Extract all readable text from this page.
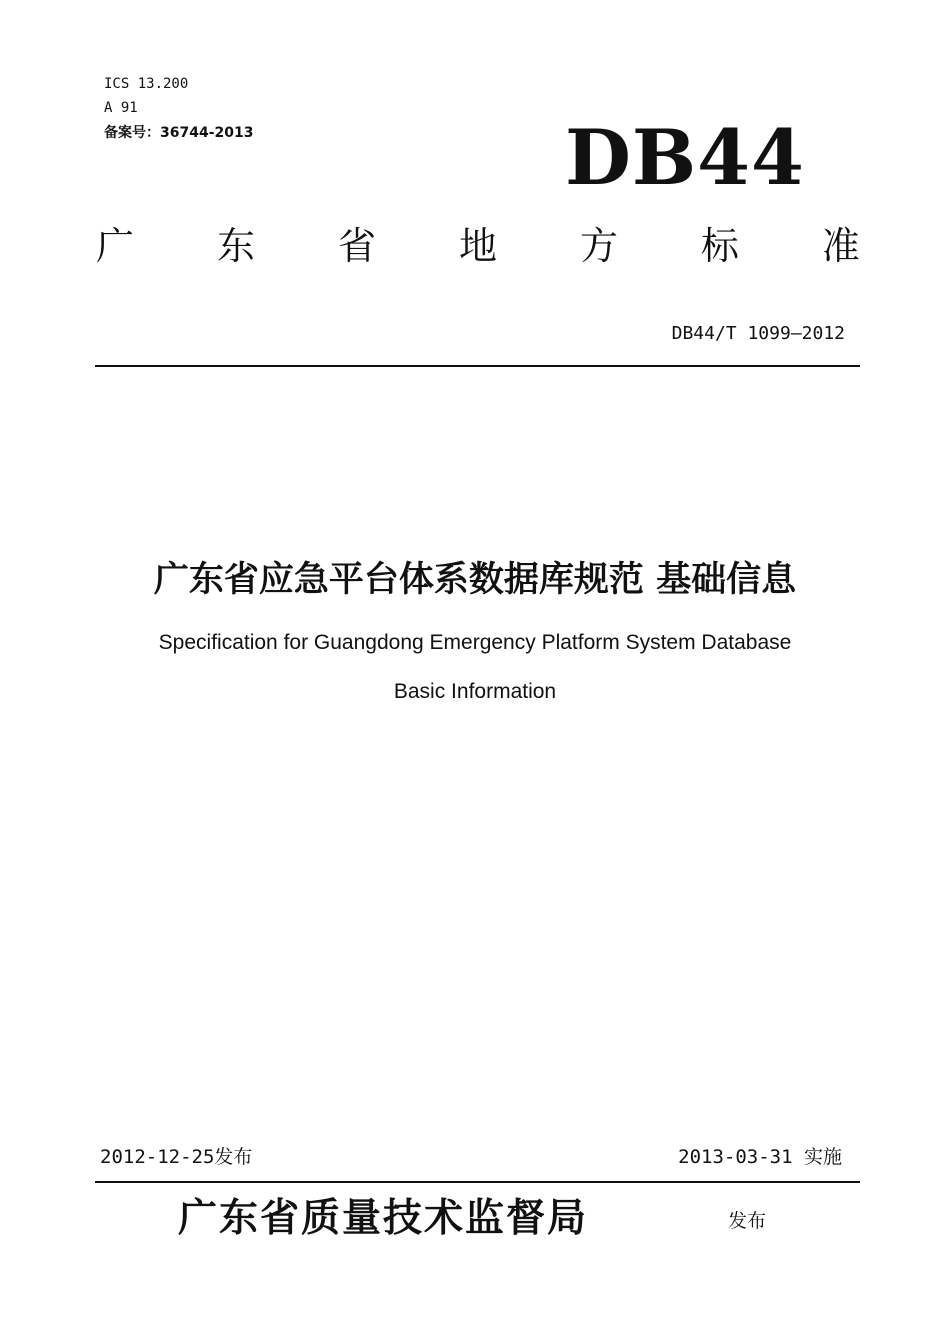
ICS 13.200
A 91
备案号：36744-2013	DB44
广 东 省 地 方 标 准
DB44/T 1099—2012
广东省应急平台体系数据库规范 基础信息
Specification for Guangdong Emergency Platform System Database
Basic Information
2012-12-25发布	2013-03-31 实施
广东省质量技术监督局	发布
